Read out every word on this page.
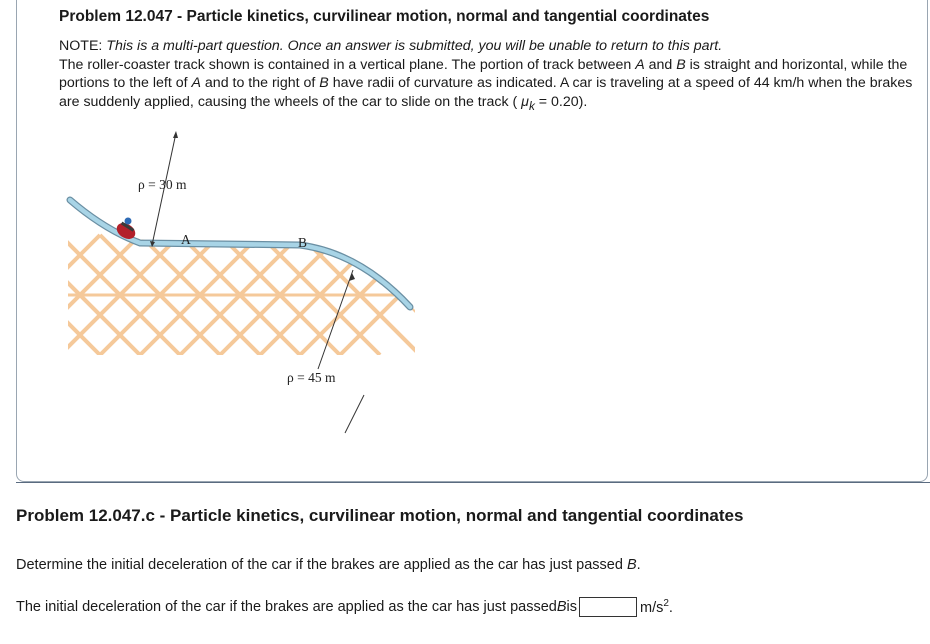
Problem 12.047 - Particle kinetics, curvilinear motion, normal and tangential coordinates
NOTE: This is a multi-part question. Once an answer is submitted, you will be unable to return to this part.
The roller-coaster track shown is contained in a vertical plane. The portion of track between A and B is straight and horizontal, while the portions to the left of A and to the right of B have radii of curvature as indicated. A car is traveling at a speed of 44 km/h when the brakes are suddenly applied, causing the wheels of the car to slide on the track ( $\mu_k = 0.20$).
ρ = 30 m
A	B
ρ = 45 m
Problem 12.047.c - Particle kinetics, curvilinear motion, normal and tangential coordinates
Determine the initial deceleration of the car if the brakes are applied as the car has just passed B.
The initial deceleration of the car if the brakes are applied as the car has just passed B is	$m/s^2$.
